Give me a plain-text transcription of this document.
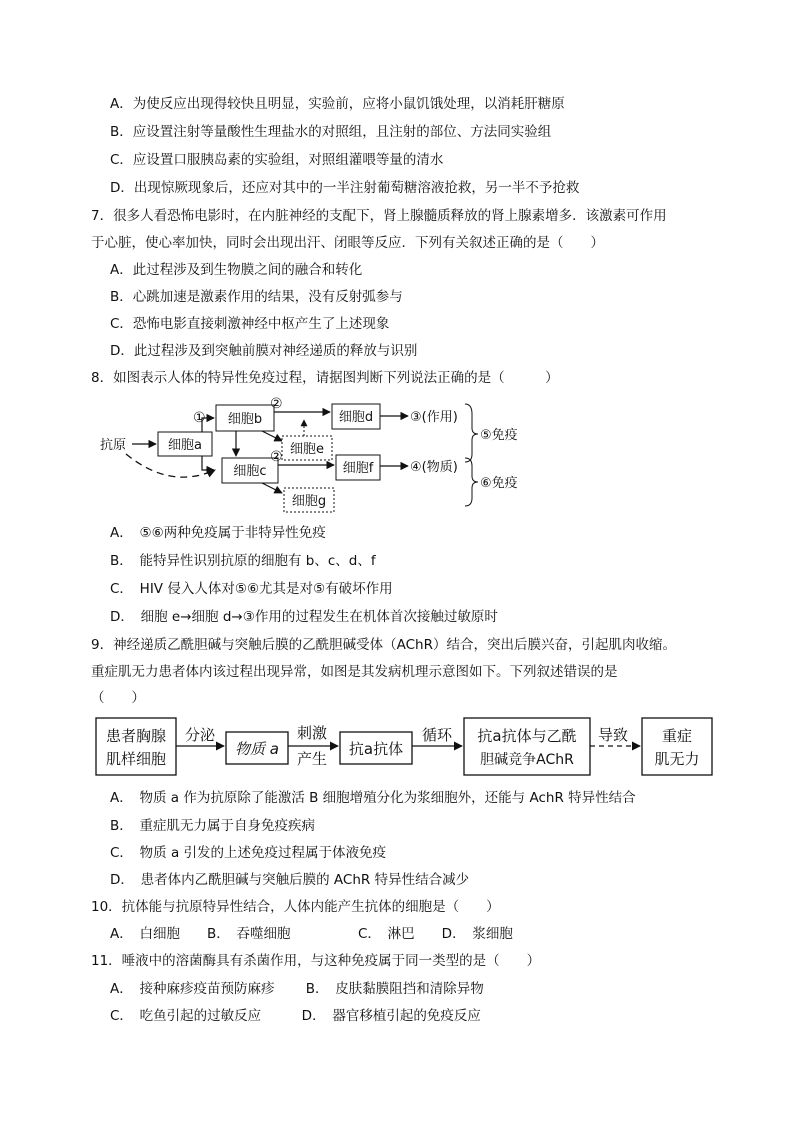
A．为使反应出现得较快且明显，实验前，应将小鼠饥饿处理，以消耗肝糖原
B．应设置注射等量酸性生理盐水的对照组，且注射的部位、方法同实验组
C．应设置口服胰岛素的实验组，对照组灌喂等量的清水
D．出现惊厥现象后，还应对其中的一半注射葡萄糖溶液抢救，另一半不予抢救
7．很多人看恐怖电影时，在内脏神经的支配下，肾上腺髓质释放的肾上腺素增多．该激素可作用
于心脏，使心率加快，同时会出现出汗、闭眼等反应．下列有关叙述正确的是（　　）
A．此过程涉及到生物膜之间的融合和转化
B．心跳加速是激素作用的结果，没有反射弧参与
C．恐怖电影直接刺激神经中枢产生了上述现象
D．此过程涉及到突触前膜对神经递质的释放与识别
8．如图表示人体的特异性免疫过程，请据图判断下列说法正确的是（　　　）
抗原	细胞a
① 细胞b
②
细胞e
细胞d	③(作用)
细胞c
②
细胞g
细胞f	④(物质)
⑤免疫
⑥免疫
患者胸腺
肌样细胞
分泌
物质 a
刺激
产生
抗a抗体
循环 抗a抗体与乙酰
胆碱竞争AChR
导致 重症
肌无力
A．　⑤⑥两种免疫属于非特异性免疫
B．　能特异性识别抗原的细胞有 b、c、d、f
C．　HIV 侵入人体对⑤⑥尤其是对⑤有破坏作用
D．　细胞 e→细胞 d→③作用的过程发生在机体首次接触过敏原时
9．神经递质乙酰胆碱与突触后膜的乙酰胆碱受体（AChR）结合，突出后膜兴奋，引起肌肉收缩。
重症肌无力患者体内该过程出现异常，如图是其发病机理示意图如下。下列叙述错误的是
（　　）
A．　物质 a 作为抗原除了能激活 B 细胞增殖分化为浆细胞外，还能与 AchR 特异性结合
B．　重症肌无力属于自身免疫疾病
C．　物质 a 引发的上述免疫过程属于体液免疫
D．　患者体内乙酰胆碱与突触后膜的 AChR 特异性结合减少
10．抗体能与抗原特异性结合，人体内能产生抗体的细胞是（　　）
A．　白细胞　　B．　吞噬细胞　　　　　C．　淋巴　　D．　浆细胞
11．唾液中的溶菌酶具有杀菌作用，与这种免疫属于同一类型的是（　　）
A．　接种麻疹疫苗预防麻疹　　 B．　皮肤黏膜阻挡和清除异物
C．　吃鱼引起的过敏反应　　　D．　器官移植引起的免疫反应
